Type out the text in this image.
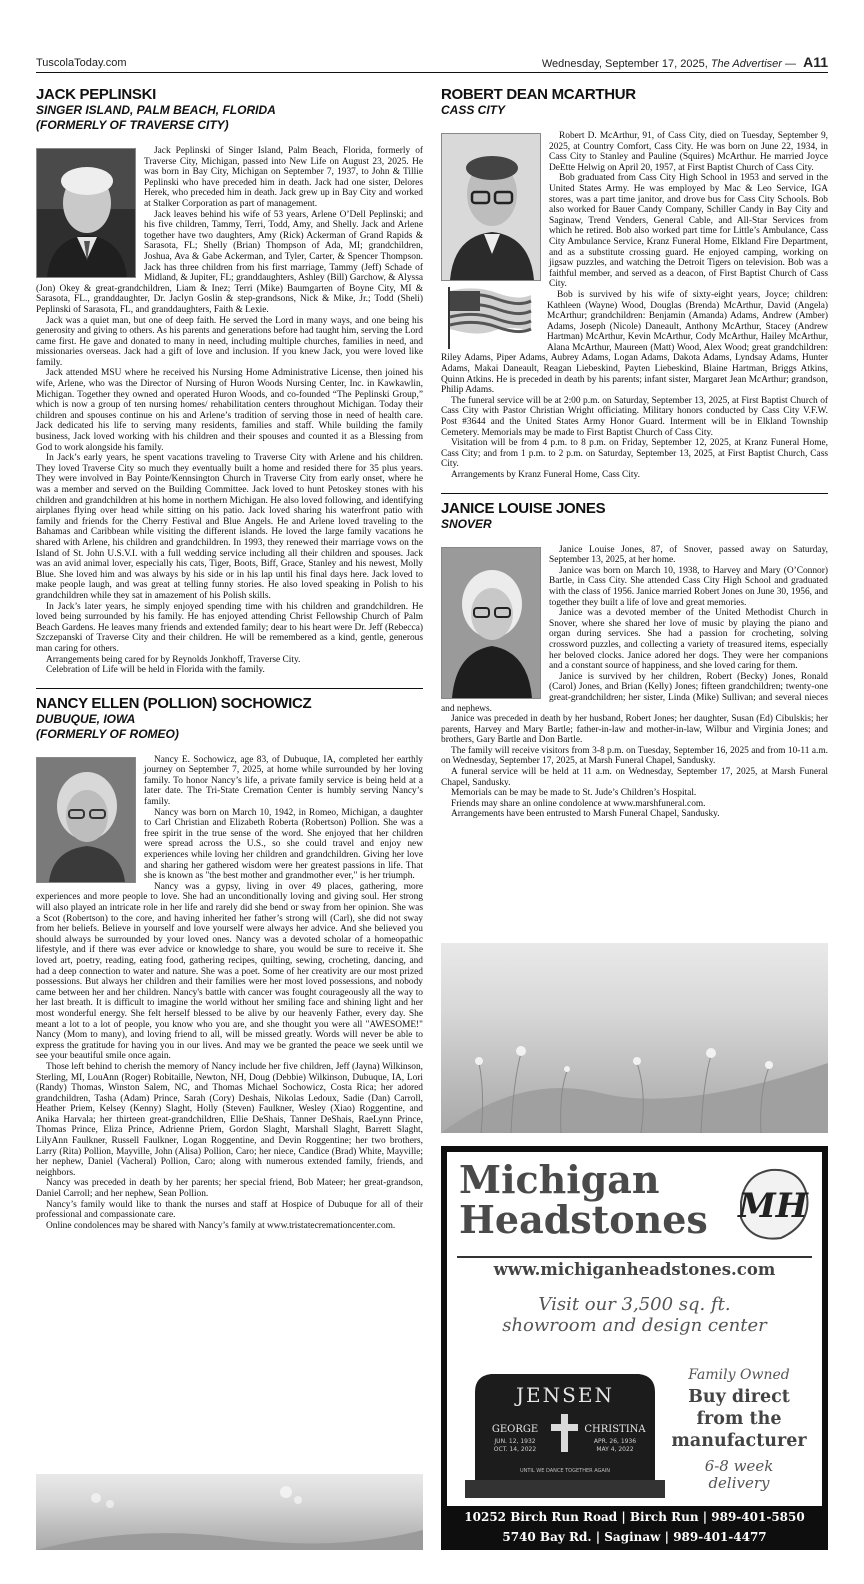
TuscolaToday.com	Wednesday, September 17, 2025, The Advertiser — A11
JACK PEPLINSKI
SINGER ISLAND, PALM BEACH, FLORIDA
(FORMERLY OF TRAVERSE CITY)

Jack Peplinski of Singer Island, Palm Beach, Florida, formerly of Traverse City, Michigan, passed into New Life on August 23, 2025. He was born in Bay City, Michigan on September 7, 1937, to John & Tillie Peplinski who have preceded him in death. Jack had one sister, Delores Herek, who preceded him in death. Jack grew up in Bay City and worked at Stalker Corporation as part of management.

Jack leaves behind his wife of 53 years, Arlene O’Dell Peplinski; and his five children, Tammy, Terri, Todd, Amy, and Shelly. Jack and Arlene together have two daughters, Amy (Rick) Ackerman of Grand Rapids & Sarasota, FL; Shelly (Brian) Thompson of Ada, MI; grandchildren, Joshua, Ava & Gabe Ackerman, and Tyler, Carter, & Spencer Thompson. Jack has three children from his first marriage, Tammy (Jeff) Schade of Midland, & Jupiter, FL; granddaughters, Ashley (Bill) Garchow, & Alyssa (Jon) Okey & great-grandchildren, Liam & Inez; Terri (Mike) Baumgarten of Boyne City, MI & Sarasota, FL., granddaughter, Dr. Jaclyn Goslin & step-grandsons, Nick & Mike, Jr.; Todd (Sheli) Peplinski of Sarasota, FL, and granddaughters, Faith & Lexie.

Jack was a quiet man, but one of deep faith. He served the Lord in many ways, and one being his generosity and giving to others. As his parents and generations before had taught him, serving the Lord came first. He gave and donated to many in need, including multiple churches, families in need, and missionaries overseas. Jack had a gift of love and inclusion. If you knew Jack, you were loved like family.

Jack attended MSU where he received his Nursing Home Administrative License, then joined his wife, Arlene, who was the Director of Nursing of Huron Woods Nursing Center, Inc. in Kawkawlin, Michigan. Together they owned and operated Huron Woods, and co-founded “The Peplinski Group,” which is now a group of ten nursing homes/ rehabilitation centers throughout Michigan. Today their children and spouses continue on his and Arlene’s tradition of serving those in need of health care. Jack dedicated his life to serving many residents, families and staff. While building the family business, Jack loved working with his children and their spouses and counted it as a Blessing from God to work alongside his family.

In Jack’s early years, he spent vacations traveling to Traverse City with Arlene and his children. They loved Traverse City so much they eventually built a home and resided there for 35 plus years. They were involved in Bay Pointe/Kennsington Church in Traverse City from early onset, where he was a member and served on the Building Committee. Jack loved to hunt Petoskey stones with his children and grandchildren at his home in northern Michigan. He also loved following, and identifying airplanes flying over head while sitting on his patio. Jack loved sharing his waterfront patio with family and friends for the Cherry Festival and Blue Angels. He and Arlene loved traveling to the Bahamas and Caribbean while visiting the different islands. He loved the large family vacations he shared with Arlene, his children and grandchildren. In 1993, they renewed their marriage vows on the Island of St. John U.S.V.I. with a full wedding service including all their children and spouses. Jack was an avid animal lover, especially his cats, Tiger, Boots, Biff, Grace, Stanley and his newest, Molly Blue. She loved him and was always by his side or in his lap until his final days here. Jack loved to make people laugh, and was great at telling funny stories. He also loved speaking in Polish to his grandchildren while they sat in amazement of his Polish skills.

In Jack’s later years, he simply enjoyed spending time with his children and grandchildren. He loved being surrounded by his family. He has enjoyed attending Christ Fellowship Church of Palm Beach Gardens. He leaves many friends and extended family; dear to his heart were Dr. Jeff (Rebecca) Szczepanski of Traverse City and their children. He will be remembered as a kind, gentle, generous man caring for others.

Arrangements being cared for by Reynolds Jonkhoff, Traverse City.

Celebration of Life will be held in Florida with the family.

NANCY ELLEN (POLLION) SOCHOWICZ
DUBUQUE, IOWA
(FORMERLY OF ROMEO)

Nancy E. Sochowicz, age 83, of Dubuque, IA, completed her earthly journey on September 7, 2025, at home while surrounded by her loving family. To honor Nancy’s life, a private family service is being held at a later date. The Tri-State Cremation Center is humbly serving Nancy’s family.

Nancy was born on March 10, 1942, in Romeo, Michigan, a daughter to Carl Christian and Elizabeth Roberta (Robertson) Pollion. She was a free spirit in the true sense of the word. She enjoyed that her children were spread across the U.S., so she could travel and enjoy new experiences while loving her children and grandchildren. Giving her love and sharing her gathered wisdom were her greatest passions in life. That she is known as "the best mother and grandmother ever," is her triumph.

Nancy was a gypsy, living in over 49 places, gathering, more experiences and more people to love. She had an unconditionally loving and giving soul. Her strong will also played an intricate role in her life and rarely did she bend or sway from her opinion. She was a Scot (Robertson) to the core, and having inherited her father’s strong will (Carl), she did not sway from her beliefs. Believe in yourself and love yourself were always her advice. And she believed you should always be surrounded by your loved ones. Nancy was a devoted scholar of a homeopathic lifestyle, and if there was ever advice or knowledge to share, you would be sure to receive it. She loved art, poetry, reading, eating food, gathering recipes, quilting, sewing, crocheting, dancing, and had a deep connection to water and nature. She was a poet. Some of her creativity are our most prized possessions. But always her children and their families were her most loved possessions, and nobody came between her and her children. Nancy's battle with cancer was fought courageously all the way to her last breath. It is difficult to imagine the world without her smiling face and shining light and her most wonderful energy. She felt herself blessed to be alive by our heavenly Father, every day. She meant a lot to a lot of people, you know who you are, and she thought you were all "AWESOME!" Nancy (Mom to many), and loving friend to all, will be missed greatly. Words will never be able to express the gratitude for having you in our lives. And may we be granted the peace we seek until we see your beautiful smile once again.

Those left behind to cherish the memory of Nancy include her five children, Jeff (Jayna) Wilkinson, Sterling, MI, LouAnn (Roger) Robitaille, Newton, NH, Doug (Debbie) Wilkinson, Dubuque, IA, Lori (Randy) Thomas, Winston Salem, NC, and Thomas Michael Sochowicz, Costa Rica; her adored grandchildren, Tasha (Adam) Prince, Sarah (Cory) Deshais, Nikolas Ledoux, Sadie (Dan) Carroll, Heather Priem, Kelsey (Kenny) Slaght, Holly (Steven) Faulkner, Wesley (Xiao) Roggentine, and Anika Harvala; her thirteen great-grandchildren, Ellie DeShais, Tanner DeShais, RaeLynn Prince, Thomas Prince, Eliza Prince, Adrienne Priem, Gordon Slaght, Marshall Slaght, Barrett Slaght, LilyAnn Faulkner, Russell Faulkner, Logan Roggentine, and Devin Roggentine; her two brothers, Larry (Rita) Pollion, Mayville, John (Alisa) Pollion, Caro; her niece, Candice (Brad) White, Mayville; her nephew, Daniel (Vacheral) Pollion, Caro; along with numerous extended family, friends, and neighbors.

Nancy was preceded in death by her parents; her special friend, Bob Mateer; her great-grandson, Daniel Carroll; and her nephew, Sean Pollion.

Nancy’s family would like to thank the nurses and staff at Hospice of Dubuque for all of their professional and compassionate care.

Online condolences may be shared with Nancy’s family at www.tristatecremationcenter.com.

ROBERT DEAN MCARTHUR
CASS CITY

Robert D. McArthur, 91, of Cass City, died on Tuesday, September 9, 2025, at Country Comfort, Cass City. He was born on June 22, 1934, in Cass City to Stanley and Pauline (Squires) McArthur. He married Joyce DeEtte Helwig on April 20, 1957, at First Baptist Church of Cass City.

Bob graduated from Cass City High School in 1953 and served in the United States Army. He was employed by Mac & Leo Service, IGA stores, was a part time janitor, and drove bus for Cass City Schools. Bob also worked for Bauer Candy Company, Schiller Candy in Bay City and Saginaw, Trend Venders, General Cable, and All-Star Services from which he retired. Bob also worked part time for Little’s Ambulance, Cass City Ambulance Service, Kranz Funeral Home, Elkland Fire Department, and as a substitute crossing guard. He enjoyed camping, working on jigsaw puzzles, and watching the Detroit Tigers on television. Bob was a faithful member, and served as a deacon, of First Baptist Church of Cass City.

Bob is survived by his wife of sixty-eight years, Joyce; children: Kathleen (Wayne) Wood, Douglas (Brenda) McArthur, David (Angela) McArthur; grandchildren: Benjamin (Amanda) Adams, Andrew (Amber) Adams, Joseph (Nicole) Daneault, Anthony McArthur, Stacey (Andrew Hartman) McArthur, Kevin McArthur, Cody McArthur, Hailey McArthur, Alana McArthur, Maureen (Matt) Wood, Alex Wood; great grandchildren: Riley Adams, Piper Adams, Aubrey Adams, Logan Adams, Dakota Adams, Lyndsay Adams, Hunter Adams, Makai Daneault, Reagan Liebeskind, Payten Liebeskind, Blaine Hartman, Briggs Atkins, Quinn Atkins. He is preceded in death by his parents; infant sister, Margaret Jean McArthur; grandson, Philip Adams.

The funeral service will be at 2:00 p.m. on Saturday, September 13, 2025, at First Baptist Church of Cass City with Pastor Christian Wright officiating. Military honors conducted by Cass City V.F.W. Post #3644 and the United States Army Honor Guard. Interment will be in Elkland Township Cemetery. Memorials may be made to First Baptist Church of Cass City.

Visitation will be from 4 p.m. to 8 p.m. on Friday, September 12, 2025, at Kranz Funeral Home, Cass City; and from 1 p.m. to 2 p.m. on Saturday, September 13, 2025, at First Baptist Church, Cass City.

Arrangements by Kranz Funeral Home, Cass City.

JANICE LOUISE JONES
SNOVER

Janice Louise Jones, 87, of Snover, passed away on Saturday, September 13, 2025, at her home.

Janice was born on March 10, 1938, to Harvey and Mary (O’Connor) Bartle, in Cass City. She attended Cass City High School and graduated with the class of 1956. Janice married Robert Jones on June 30, 1956, and together they built a life of love and great memories.

Janice was a devoted member of the United Methodist Church in Snover, where she shared her love of music by playing the piano and organ during services. She had a passion for crocheting, solving crossword puzzles, and collecting a variety of treasured items, especially her beloved clocks. Janice adored her dogs. They were her companions and a constant source of happiness, and she loved caring for them.

Janice is survived by her children, Robert (Becky) Jones, Ronald (Carol) Jones, and Brian (Kelly) Jones; fifteen grandchildren; twenty-one great-grandchildren; her sister, Linda (Mike) Sullivan; and several nieces and nephews.

Janice was preceded in death by her husband, Robert Jones; her daughter, Susan (Ed) Cibulskis; her parents, Harvey and Mary Bartle; father-in-law and mother-in-law, Wilbur and Virginia Jones; and brothers, Gary Bartle and Don Bartle.

The family will receive visitors from 3-8 p.m. on Tuesday, September 16, 2025 and from 10-11 a.m. on Wednesday, September 17, 2025, at Marsh Funeral Chapel, Sandusky.

A funeral service will be held at 11 a.m. on Wednesday, September 17, 2025, at Marsh Funeral Chapel, Sandusky.

Memorials can be may be made to St. Jude’s Children’s Hospital.

Friends may share an online condolence at www.marshfuneral.com.

Arrangements have been entrusted to Marsh Funeral Chapel, Sandusky.

Michigan
Headstones MH
www.michiganheadstones.com
Visit our 3,500 sq. ft.
showroom and design center
JENSEN
GEORGE
JUN. 12, 1932
OCT. 14, 2022
CHRISTINA
APR. 26, 1936
MAY 4, 2022
UNTIL WE DANCE TOGETHER AGAIN
Family Owned
Buy direct
from the
manufacturer
6-8 week
delivery
10252 Birch Run Road | Birch Run | 989-401-5850
5740 Bay Rd. | Saginaw | 989-401-4477
